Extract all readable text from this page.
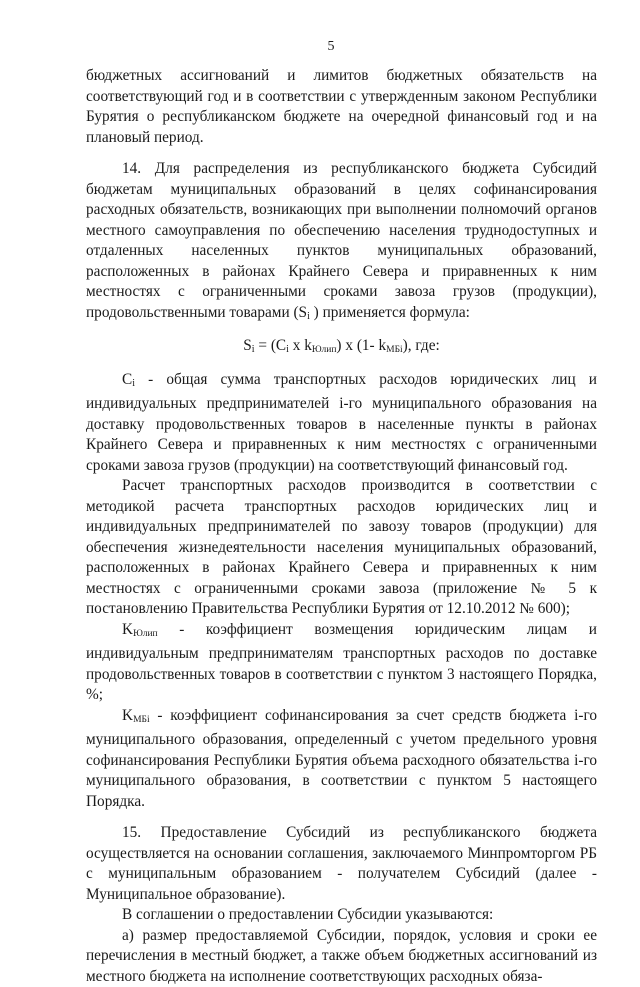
5

бюджетных ассигнований и лимитов бюджетных обязательств на соответствующий год и в соответствии с утвержденным законом Республики Бурятия о республиканском бюджете на очередной финансовый год и на плановый период.

14. Для распределения из республиканского бюджета Субсидий бюджетам муниципальных образований в целях софинансирования расходных обязательств, возникающих при выполнении полномочий органов местного самоуправления по обеспечению населения труднодоступных и отдаленных населенных пунктов муниципальных образований, расположенных в районах Крайнего Севера и приравненных к ним местностях с ограниченными сроками завоза грузов (продукции), продовольственными товарами ($S_i$ ) применяется формула:

$S_i = (C_i$ x kЮлип) x (1- kМБi), где:

$C_i$ - общая сумма транспортных расходов юридических лиц и индивидуальных предпринимателей i-го муниципального образования на доставку продовольственных товаров в населенные пункты в районах Крайнего Севера и приравненных к ним местностях с ограниченными сроками завоза грузов (продукции) на соответствующий финансовый год.

Расчет транспортных расходов производится в соответствии с методикой расчета транспортных расходов юридических лиц и индивидуальных предпринимателей по завозу товаров (продукции) для обеспечения жизнедеятельности населения муниципальных образований, расположенных в районах Крайнего Севера и приравненных к ним местностях с ограниченными сроками завоза (приложение № 5 к постановлению Правительства Республики Бурятия от 12.10.2012 № 600);

KЮлип - коэффициент возмещения юридическим лицам и индивидуальным предпринимателям транспортных расходов по доставке продовольственных товаров в соответствии с пунктом 3 настоящего Порядка, %;

KМБi - коэффициент софинансирования за счет средств бюджета i-го муниципального образования, определенный с учетом предельного уровня софинансирования Республики Бурятия объема расходного обязательства i-го муниципального образования, в соответствии с пунктом 5 настоящего Порядка.

15. Предоставление Субсидий из республиканского бюджета осуществляется на основании соглашения, заключаемого Минпромторгом РБ с муниципальным образованием - получателем Субсидий (далее - Муниципальное образование).

В соглашении о предоставлении Субсидии указываются:

а) размер предоставляемой Субсидии, порядок, условия и сроки ее перечисления в местный бюджет, а также объем бюджетных ассигнований из местного бюджета на исполнение соответствующих расходных обяза-
